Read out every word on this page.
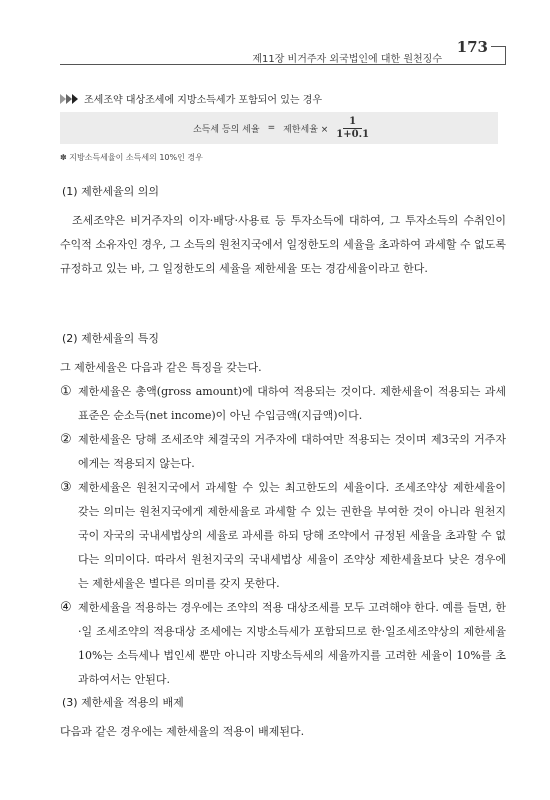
제11장 비거주자 외국법인에 대한 원천징수
173
조세조약 대상조세에 지방소득세가 포함되어 있는 경우
소득세 등의 세율 = 제한세율 × $\frac{1}{1+0.1}$
✽ 지방소득세율이 소득세의 10%인 경우
(1) 제한세율의 의의
조세조약은 비거주자의 이자·배당·사용료 등 투자소득에 대하여, 그 투자소득의 수취인이 수익적 소유자인 경우, 그 소득의 원천지국에서 일정한도의 세율을 초과하여 과세할 수 없도록 규정하고 있는 바, 그 일정한도의 세율을 제한세율 또는 경감세율이라고 한다.
(2) 제한세율의 특징
그 제한세율은 다음과 같은 특징을 갖는다.
① 제한세율은 총액(gross amount)에 대하여 적용되는 것이다. 제한세율이 적용되는 과세표준은 순소득(net income)이 아닌 수입금액(지급액)이다.
② 제한세율은 당해 조세조약 체결국의 거주자에 대하여만 적용되는 것이며 제3국의 거주자에게는 적용되지 않는다.
③ 제한세율은 원천지국에서 과세할 수 있는 최고한도의 세율이다. 조세조약상 제한세율이 갖는 의미는 원천지국에게 제한세율로 과세할 수 있는 권한을 부여한 것이 아니라 원천지국이 자국의 국내세법상의 세율로 과세를 하되 당해 조약에서 규정된 세율을 초과할 수 없다는 의미이다. 따라서 원천지국의 국내세법상 세율이 조약상 제한세율보다 낮은 경우에는 제한세율은 별다른 의미를 갖지 못한다.
④ 제한세율을 적용하는 경우에는 조약의 적용 대상조세를 모두 고려해야 한다. 예를 들면, 한·일 조세조약의 적용대상 조세에는 지방소득세가 포함되므로 한·일조세조약상의 제한세율 10%는 소득세나 법인세 뿐만 아니라 지방소득세의 세율까지를 고려한 세율이 10%를 초과하여서는 안된다.
(3) 제한세율 적용의 배제
다음과 같은 경우에는 제한세율의 적용이 배제된다.
